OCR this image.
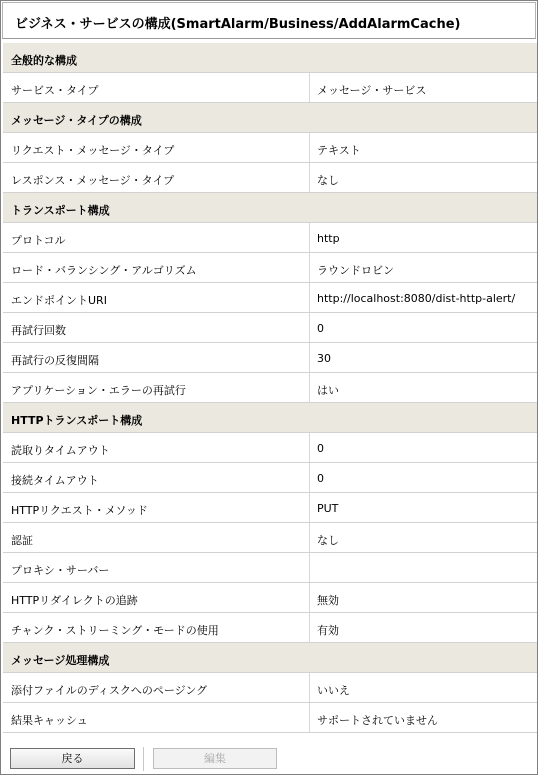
ビジネス・サービスの構成(SmartAlarm/Business/AddAlarmCache)
全般的な構成
サービス・タイプ	メッセージ・サービス
メッセージ・タイプの構成
リクエスト・メッセージ・タイプ	テキスト
レスポンス・メッセージ・タイプ	なし
トランスポート構成
プロトコル	http
ロード・バランシング・アルゴリズム	ラウンドロビン
エンドポイントURI	http://localhost:8080/dist-http-alert/
再試行回数	0
再試行の反復間隔	30
アプリケーション・エラーの再試行	はい
HTTPトランスポート構成
読取りタイムアウト	0
接続タイムアウト	0
HTTPリクエスト・メソッド	PUT
認証	なし
プロキシ・サーバー
HTTPリダイレクトの追跡	無効
チャンク・ストリーミング・モードの使用	有効
メッセージ処理構成
添付ファイルのディスクへのページング	いいえ
結果キャッシュ	サポートされていません
戻る	編集
